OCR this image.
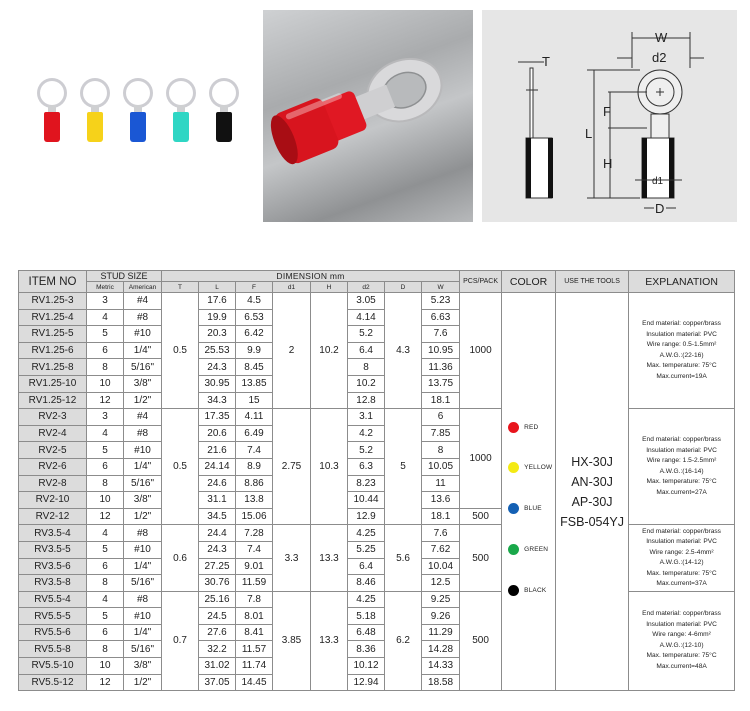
W
d2
T
L
F
H
d1
D
ITEM NO	STUD SIZE		DIMENSION mm								PCS/PACK	COLOR	USE THE TOOLS	EXPLANATION
	Metric	American	T	L	F	d1	H	d2	D	W				
RV1.25-3	3	#4	0.5	17.6	4.5	2	10.2	3.05	4.3	5.23	1000	
RED
YELLOW
BLUE
GREEN
BLACK

HX-30J
AN-30J
AP-30J
FSB-054YJ

End material: copper/brass
Insulation material: PVC
Wire range: 0.5-1.5mm²
A.W.G.:(22-16)
Max. temperature: 75°C
Max.current=19A

RV1.25-4	4	#8		19.9	6.53			4.14		6.63				
RV1.25-5	5	#10		20.3	6.42			5.2		7.6				
RV1.25-6	6	1/4"		25.53	9.9			6.4		10.95				
RV1.25-8	8	5/16"		24.3	8.45			8		11.36				
RV1.25-10	10	3/8"		30.95	13.85			10.2		13.75				
RV1.25-12	12	1/2"		34.3	15			12.8		18.1				
RV2-3	3	#4	0.5	17.35	4.11	2.75	10.3	3.1	5	6	1000	
End material: copper/brass
Insulation material: PVC
Wire range: 1.5-2.5mm²
A.W.G.:(16-14)
Max. temperature: 75°C
Max.current=27A

RV2-4	4	#8		20.6	6.49			4.2		7.85				
RV2-5	5	#10		21.6	7.4			5.2		8				
RV2-6	6	1/4"		24.14	8.9			6.3		10.05				
RV2-8	8	5/16"		24.6	8.86			8.23		11				
RV2-10	10	3/8"		31.1	13.8			10.44		13.6				
RV2-12	12	1/2"		34.5	15.06			12.9		18.1	500			
RV3.5-4	4	#8	0.6	24.4	7.28	3.3	13.3	4.25	5.6	7.6	500	
End material: copper/brass
Insulation material: PVC
Wire range: 2.5-4mm²
A.W.G.:(14-12)
Max. temperature: 75°C
Max.current=37A

RV3.5-5	5	#10		24.3	7.4			5.25		7.62				
RV3.5-6	6	1/4"		27.25	9.01			6.4		10.04				
RV3.5-8	8	5/16"		30.76	11.59			8.46		12.5				
RV5.5-4	4	#8	0.7	25.16	7.8	3.85	13.3	4.25	6.2	9.25	500	
End material: copper/brass
Insulation material: PVC
Wire range: 4-6mm²
A.W.G.:(12-10)
Max. temperature: 75°C
Max.current=48A

RV5.5-5	5	#10		24.5	8.01			5.18		9.26				
RV5.5-6	6	1/4"		27.6	8.41			6.48		11.29				
RV5.5-8	8	5/16"		32.2	11.57			8.36		14.28				
RV5.5-10	10	3/8"		31.02	11.74			10.12		14.33				
RV5.5-12	12	1/2"		37.05	14.45			12.94		18.58				
